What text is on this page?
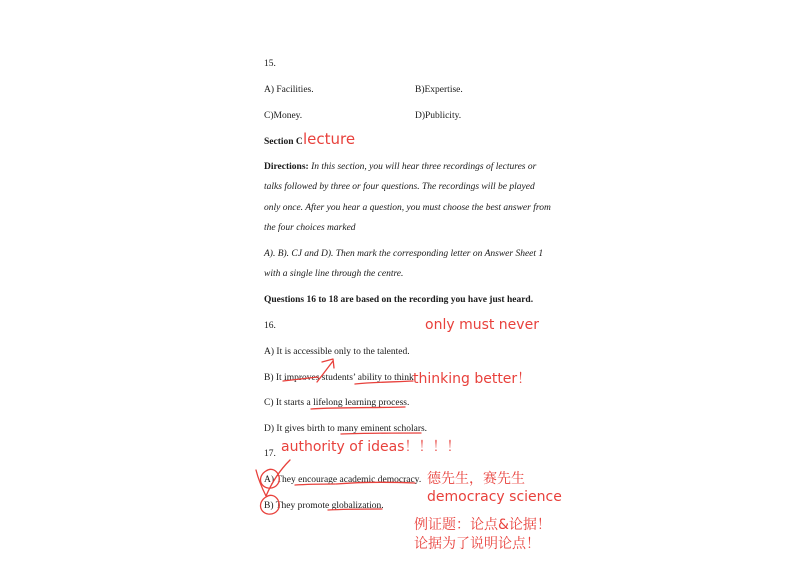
15.
A) Facilities.	B)Expertise.
C)Money.	D)Publicity.
Section C
Directions: In this section, you will hear three recordings of lectures or
talks followed by three or four questions. The recordings will be played
only once. After you hear a question, you must choose the best answer from
the four choices marked
A). B). CJ and D). Then mark the corresponding letter on Answer Sheet 1
with a single line through the centre.
Questions 16 to 18 are based on the recording you have just heard.
16.
A) It is accessible only to the talented.
B) It improves students’ ability to think.
C) It starts a lifelong learning process.
D) It gives birth to many eminent scholars.
17.
A) They encourage academic democracy.
B) They promote globalization.
lecture
only must never
thinking better！
authority of ideas！！！！
德先生，赛先生
democracy science
例证题：论点&论据！
论据为了说明论点！
